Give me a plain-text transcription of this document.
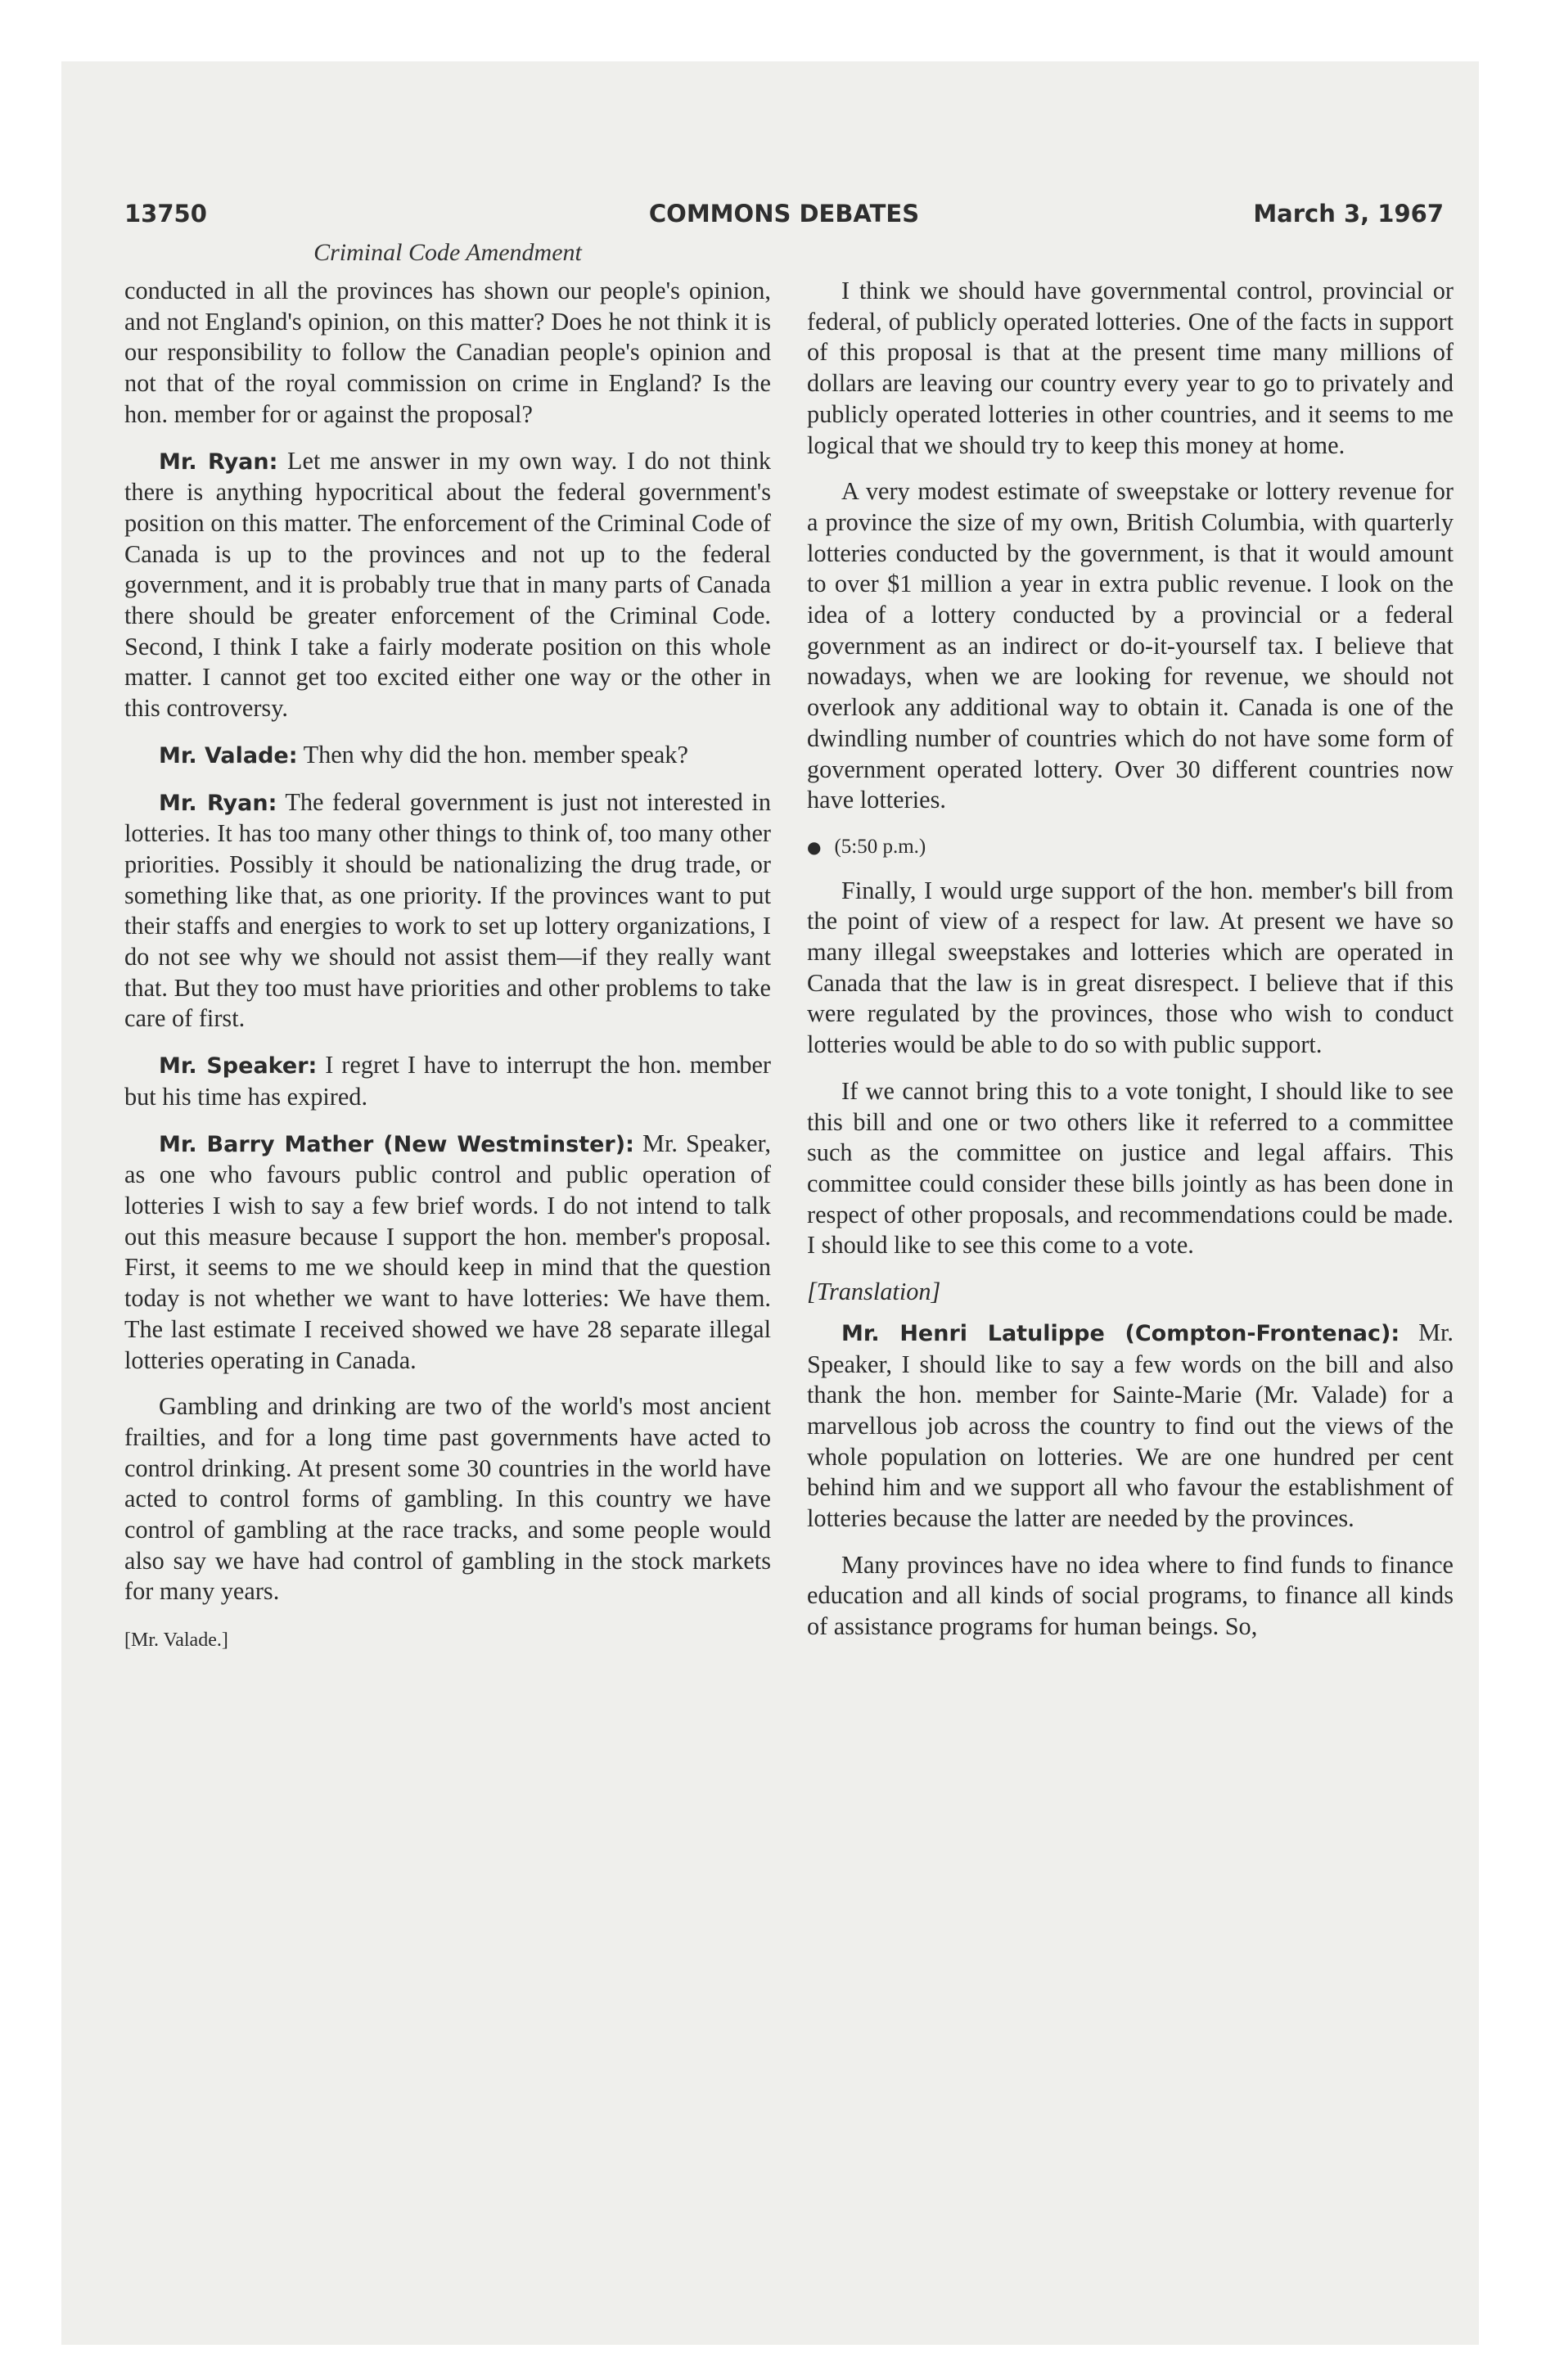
13750	COMMONS DEBATES	March 3, 1967
Criminal Code Amendment

conducted in all the provinces has shown our people's opinion, and not England's opinion, on this matter? Does he not think it is our responsibility to follow the Canadian people's opinion and not that of the royal commission on crime in England? Is the hon. member for or against the proposal?

Mr. Ryan: Let me answer in my own way. I do not think there is anything hypocritical about the federal government's position on this matter. The enforcement of the Criminal Code of Canada is up to the provinces and not up to the federal government, and it is probably true that in many parts of Canada there should be greater enforcement of the Criminal Code. Second, I think I take a fairly moderate position on this whole matter. I cannot get too excited either one way or the other in this controversy.

Mr. Valade: Then why did the hon. member speak?

Mr. Ryan: The federal government is just not interested in lotteries. It has too many other things to think of, too many other priorities. Possibly it should be nationalizing the drug trade, or something like that, as one priority. If the provinces want to put their staffs and energies to work to set up lottery organizations, I do not see why we should not assist them—if they really want that. But they too must have priorities and other problems to take care of first.

Mr. Speaker: I regret I have to interrupt the hon. member but his time has expired.

Mr. Barry Mather (New Westminster): Mr. Speaker, as one who favours public control and public operation of lotteries I wish to say a few brief words. I do not intend to talk out this measure because I support the hon. member's proposal. First, it seems to me we should keep in mind that the question today is not whether we want to have lotteries: We have them. The last estimate I received showed we have 28 separate illegal lotteries operating in Canada.

Gambling and drinking are two of the world's most ancient frailties, and for a long time past governments have acted to control drinking. At present some 30 countries in the world have acted to control forms of gambling. In this country we have control of gambling at the race tracks, and some people would also say we have had control of gambling in the stock markets for many years.

[Mr. Valade.]

I think we should have governmental control, provincial or federal, of publicly operated lotteries. One of the facts in support of this proposal is that at the present time many millions of dollars are leaving our country every year to go to privately and publicly operated lotteries in other countries, and it seems to me logical that we should try to keep this money at home.

A very modest estimate of sweepstake or lottery revenue for a province the size of my own, British Columbia, with quarterly lotteries conducted by the government, is that it would amount to over $1 million a year in extra public revenue. I look on the idea of a lottery conducted by a provincial or a federal government as an indirect or do-it-yourself tax. I believe that nowadays, when we are looking for revenue, we should not overlook any additional way to obtain it. Canada is one of the dwindling number of countries which do not have some form of government operated lottery. Over 30 different countries now have lotteries.

● (5:50 p.m.)

Finally, I would urge support of the hon. member's bill from the point of view of a respect for law. At present we have so many illegal sweepstakes and lotteries which are operated in Canada that the law is in great disrespect. I believe that if this were regulated by the provinces, those who wish to conduct lotteries would be able to do so with public support.

If we cannot bring this to a vote tonight, I should like to see this bill and one or two others like it referred to a committee such as the committee on justice and legal affairs. This committee could consider these bills jointly as has been done in respect of other proposals, and recommendations could be made. I should like to see this come to a vote.

[Translation]

Mr. Henri Latulippe (Compton-Frontenac): Mr. Speaker, I should like to say a few words on the bill and also thank the hon. member for Sainte-Marie (Mr. Valade) for a marvellous job across the country to find out the views of the whole population on lotteries. We are one hundred per cent behind him and we support all who favour the establishment of lotteries because the latter are needed by the provinces.

Many provinces have no idea where to find funds to finance education and all kinds of social programs, to finance all kinds of assistance programs for human beings. So,
